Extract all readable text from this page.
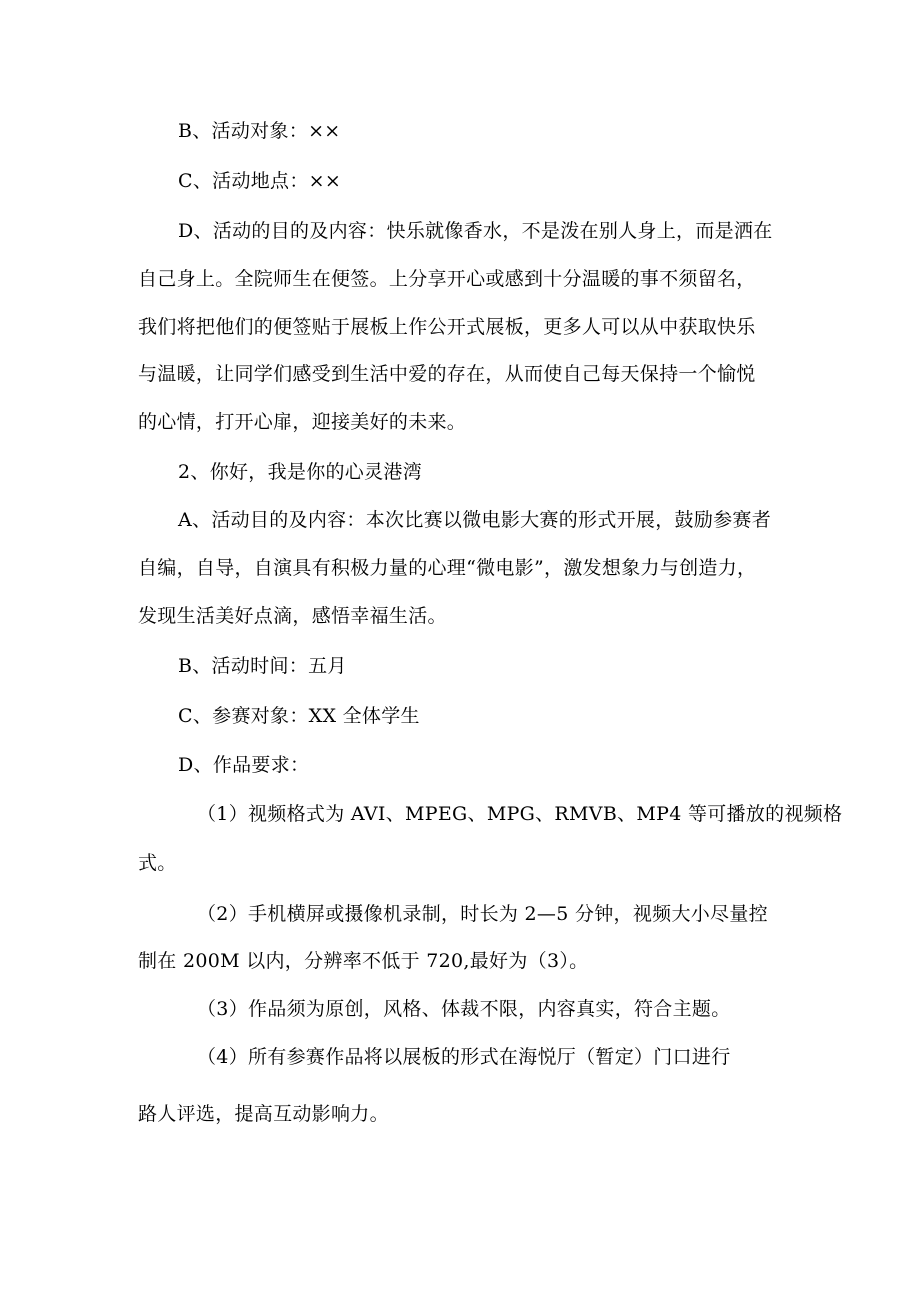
B、活动对象：××
C、活动地点：××
D、活动的目的及内容：快乐就像香水，不是泼在别人身上，而是洒在
自己身上。全院师生在便签。上分享开心或感到十分温暖的事不须留名，
我们将把他们的便签贴于展板上作公开式展板，更多人可以从中获取快乐
与温暖，让同学们感受到生活中爱的存在，从而使自己每天保持一个愉悦
的心情，打开心扉，迎接美好的未来。
2、你好，我是你的心灵港湾
A、活动目的及内容：本次比赛以微电影大赛的形式开展，鼓励参赛者
自编，自导，自演具有积极力量的心理“微电影”，激发想象力与创造力，
发现生活美好点滴，感悟幸福生活。
B、活动时间：五月
C、参赛对象：XX 全体学生
D、作品要求：
（1）视频格式为 AVI、MPEG、MPG、RMVB、MP4 等可播放的视频格
式。
（2）手机横屏或摄像机录制，时长为 2—5 分钟，视频大小尽量控
制在 200M 以内，分辨率不低于 720,最好为（3）。
（3）作品须为原创，风格、体裁不限，内容真实，符合主题。
（4）所有参赛作品将以展板的形式在海悦厅（暂定）门口进行
路人评选，提高互动影响力。
